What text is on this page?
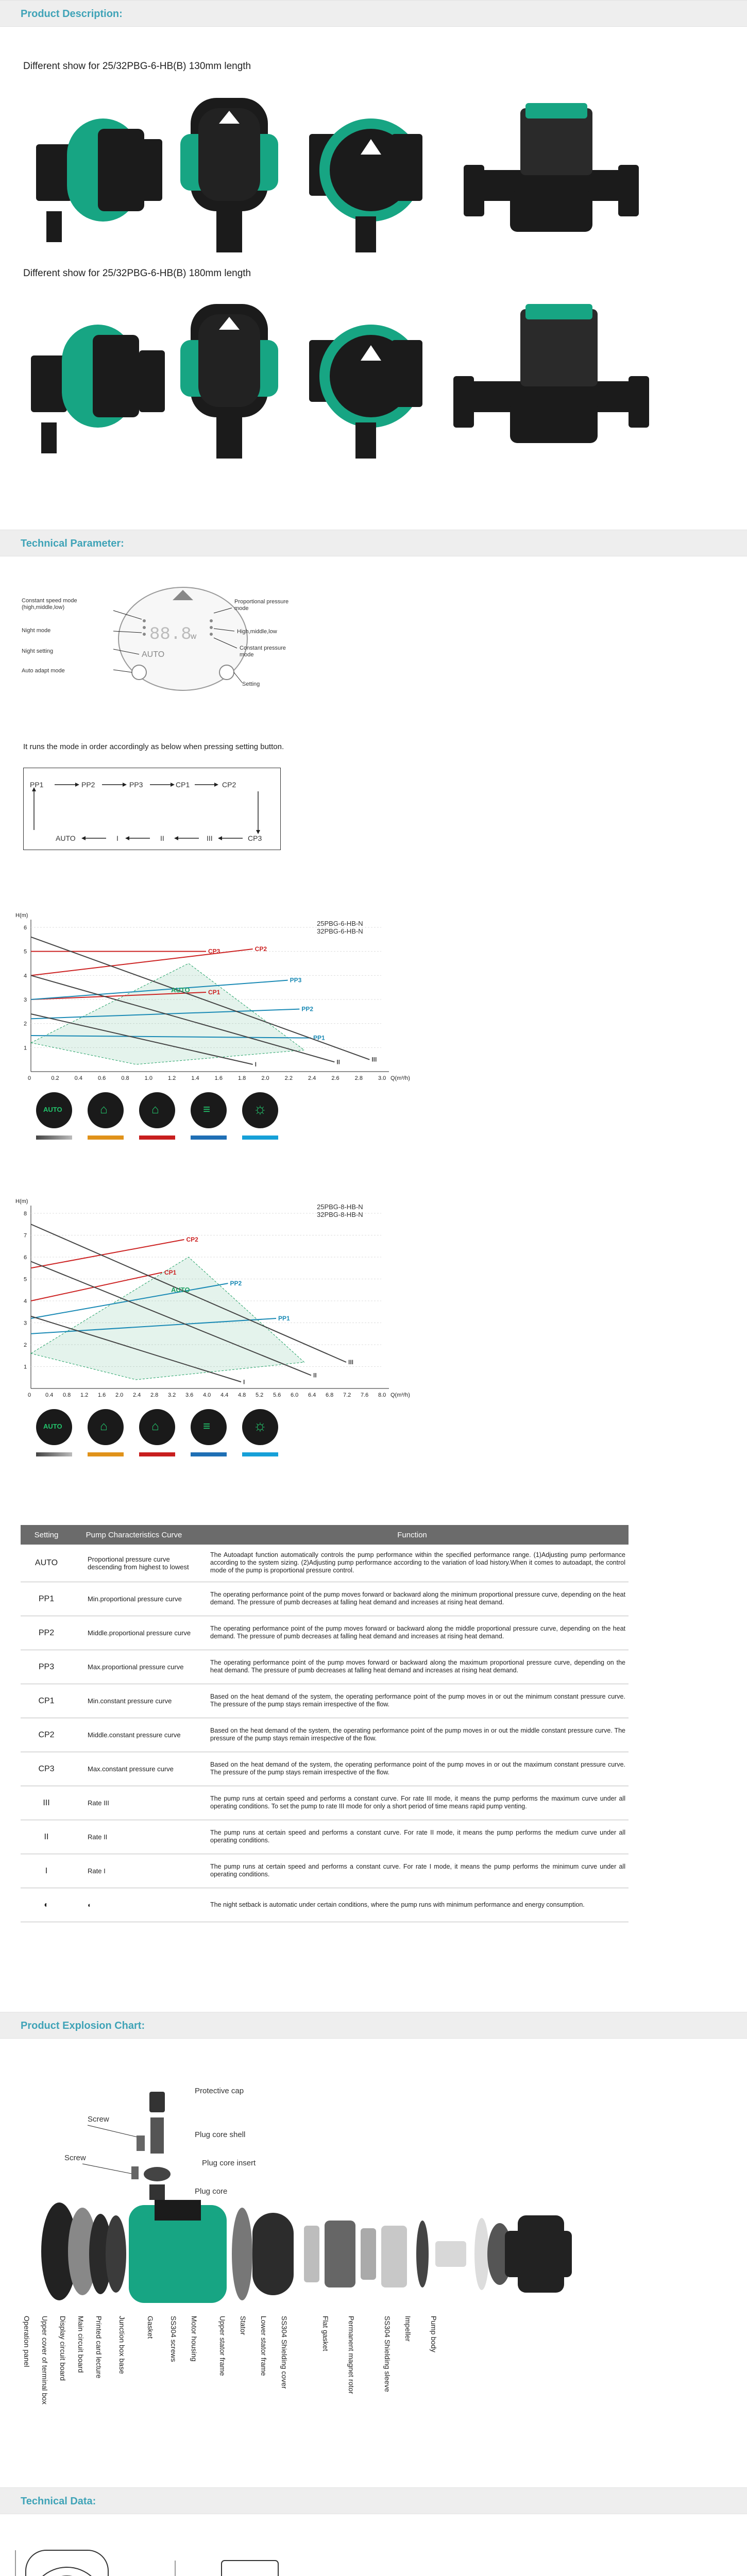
Product Description:
Different show for 25/32PBG-6-HB(B) 130mm length
Different show for 25/32PBG-6-HB(B) 180mm length
Technical Parameter:
88.8
W
AUTO
Constant speed mode
(high,middle,low)
Night mode
Night setting
Auto adapt mode
Proportional pressure
mode
High,middle,low
Constant pressure
mode
Setting
It runs the mode in order accordingly as below when pressing setting button.
PP1	PP2	PP3	CP1	CP2
CP3
III
II
I
AUTO
0	0.2	0.4	0.6	0.8	1.0	1.2	1.4	1.6	1.8	2.0	2.2	2.4	2.6	2.8	3.0
1
2
3
4
5
6
H(m)
Q(m³/h)
CP3	CP2
CP1
PP3
PP2
PP1
III
II
I
AUTO
25PBG-6-HB-N
32PBG-6-HB-N
AUTO	⌂	⌂	≡	☼
0	0.4 0.8 1.2 1.6 2.0 2.4 2.8 3.2 3.6 4.0 4.4 4.8 5.2 5.6 6.0 6.4 6.8 7.2 7.6 8.0
1
2
3
4
5
6
7
8
H(m)
Q(m³/h)
CP2
CP1
PP2
PP1
III
II
I
AUTO
25PBG-8-HB-N
32PBG-8-HB-N
AUTO	⌂	⌂	≡	☼
Setting	Pump Characteristics Curve	Function
AUTO	Proportional pressure curve descending from highest to lowest	The Autoadapt function automatically controls the pump performance within the specified performance range. (1)Adjusting pump performance according to the system sizing. (2)Adjusting pump performance according to the variation of load history.When it comes to autoadapt, the control mode of the pump is proportional pressure control.
PP1	Min.proportional pressure curve	The operating performance point of the pump moves forward or backward along the minimum proportional pressure curve, depending on the heat demand. The pressure of pumb decreases at falling heat demand and increases at rising heat demand.
PP2	Middle.proportional pressure curve	The operating performance point of the pump moves forward or backward along the middle proportional pressure curve, depending on the heat demand. The pressure of pumb decreases at falling heat demand and increases at rising heat demand.
PP3	Max.proportional pressure curve	The operating performance point of the pump moves forward or backward along the maximum proportional pressure curve, depending on the heat demand. The pressure of pumb decreases at falling heat demand and increases at rising heat demand.
CP1	Min.constant pressure curve	Based on the heat demand of the system, the operating performance point of the pump moves in or out the minimum constant pressure curve. The pressure of the pump stays remain irrespective of the flow.
CP2	Middle.constant pressure curve	Based on the heat demand of the system, the operating performance point of the pump moves in or out the middle constant pressure curve. The pressure of the pump stays remain irrespective of the flow.
CP3	Max.constant pressure curve	Based on the heat demand of the system, the operating performance point of the pump moves in or out the maximum constant pressure curve. The pressure of the pump stays remain irrespective of the flow.
III	Rate III	The pump runs at certain speed and performs a constant curve. For rate III mode, it means the pump performs the maximum curve under all operating conditions. To set the pump to rate III mode for only a short period of time means rapid pump venting.
II	Rate II	The pump runs at certain speed and performs a constant curve. For rate II mode, it means the pump performs the medium curve under all operating conditions.
I	Rate I	The pump runs at certain speed and performs a constant curve. For rate I mode, it means the pump performs the minimum curve under all operating conditions.
◐	◐	The night setback is automatic under certain conditions, where the pump runs with minimum performance and energy consumption.
Product Explosion Chart:
Protective cap
Screw
Plug core shell
Screw
Plug core insert
Plug core
Operation panel Upper cover of terminal box Display circuit board Main circuit board Printed card lecture Junction box base	Gasket SS304 screws Motor housing	Upper stator frame Stator Lower stator frame SS304 Shielding cover	Flat gasket Permanent magnet rotor	SS304 Shielding sleeve Impeller Pump body
Technical Data:
